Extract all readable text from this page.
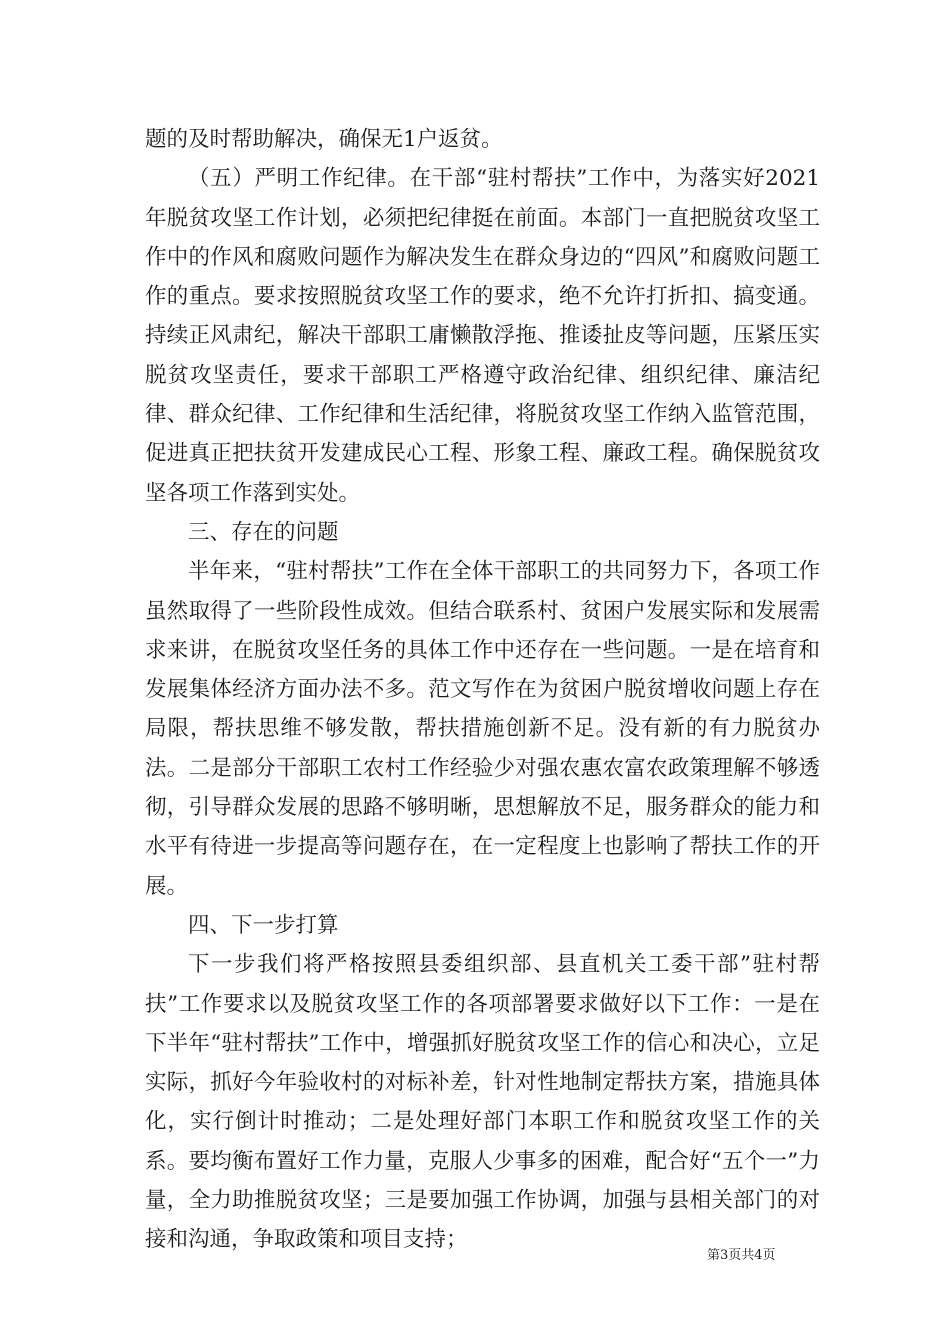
题的及时帮助解决，确保无1户返贫。

（五）严明工作纪律。在干部“驻村帮扶”工作中，为落实好2021年脱贫攻坚工作计划，必须把纪律挺在前面。本部门一直把脱贫攻坚工作中的作风和腐败问题作为解决发生在群众身边的“四风”和腐败问题工作的重点。要求按照脱贫攻坚工作的要求，绝不允许打折扣、搞变通。持续正风肃纪，解决干部职工庸懒散浮拖、推诿扯皮等问题，压紧压实脱贫攻坚责任，要求干部职工严格遵守政治纪律、组织纪律、廉洁纪律、群众纪律、工作纪律和生活纪律，将脱贫攻坚工作纳入监管范围，促进真正把扶贫开发建成民心工程、形象工程、廉政工程。确保脱贫攻坚各项工作落到实处。

三、存在的问题

半年来，“驻村帮扶”工作在全体干部职工的共同努力下，各项工作虽然取得了一些阶段性成效。但结合联系村、贫困户发展实际和发展需求来讲，在脱贫攻坚任务的具体工作中还存在一些问题。一是在培育和发展集体经济方面办法不多。范文写作在为贫困户脱贫增收问题上存在局限，帮扶思维不够发散，帮扶措施创新不足。没有新的有力脱贫办法。二是部分干部职工农村工作经验少对强农惠农富农政策理解不够透彻，引导群众发展的思路不够明晰，思想解放不足，服务群众的能力和水平有待进一步提高等问题存在，在一定程度上也影响了帮扶工作的开展。

四、下一步打算

下一步我们将严格按照县委组织部、县直机关工委干部”驻村帮扶”工作要求以及脱贫攻坚工作的各项部署要求做好以下工作：一是在下半年“驻村帮扶”工作中，增强抓好脱贫攻坚工作的信心和决心，立足实际，抓好今年验收村的对标补差，针对性地制定帮扶方案，措施具体化，实行倒计时推动；二是处理好部门本职工作和脱贫攻坚工作的关系。要均衡布置好工作力量，克服人少事多的困难，配合好“五个一”力量，全力助推脱贫攻坚；三是要加强工作协调，加强与县相关部门的对接和沟通，争取政策和项目支持；

第3页共4页
